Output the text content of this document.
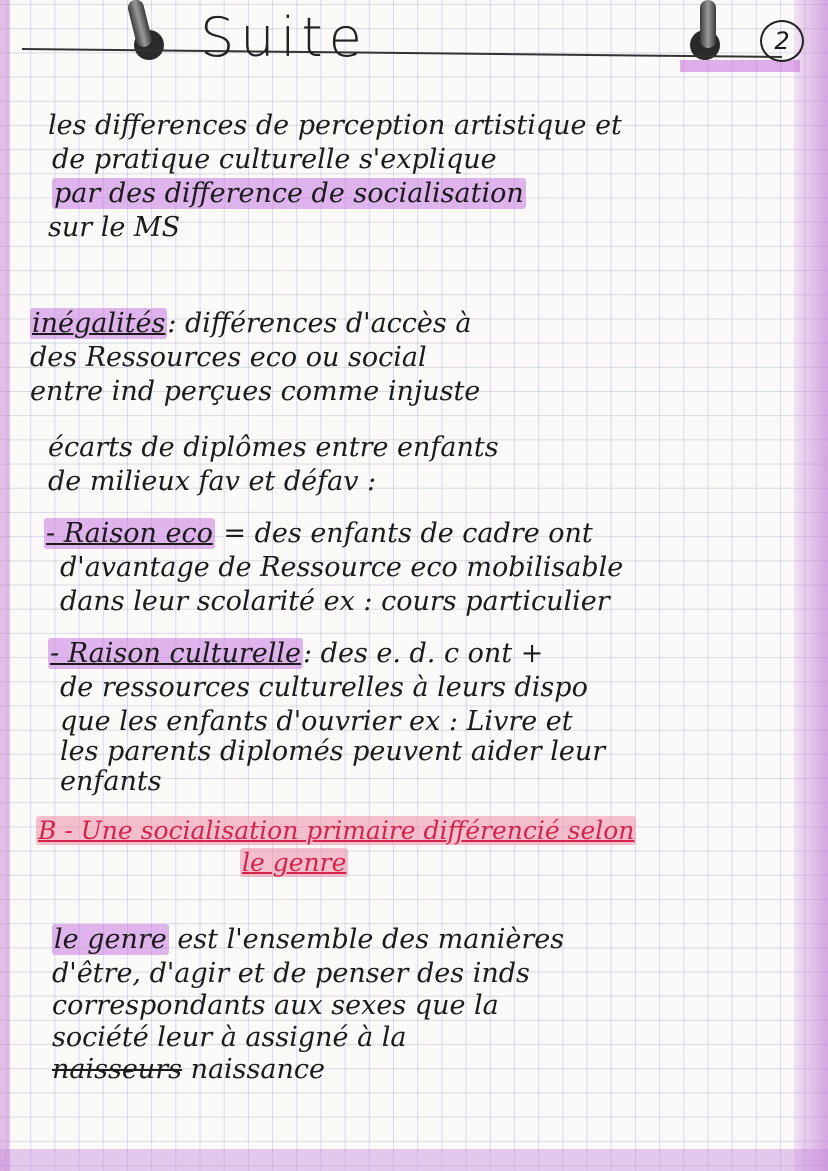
Suite	2
les differences de perception artistique et
de pratique culturelle s'explique
par des difference de socialisation
sur le MS
inégalités: différences d'accès à
des Ressources eco ou social
entre ind perçues comme injuste
écarts de diplômes entre enfants
de milieux fav et défav :
- Raison eco = des enfants de cadre ont
d'avantage de Ressource eco mobilisable
dans leur scolarité ex : cours particulier
- Raison culturelle: des e. d. c ont +
de ressources culturelles à leurs dispo
que les enfants d'ouvrier ex : Livre et
les parents diplomés peuvent aider leur
enfants
B - Une socialisation primaire différencié selon
le genre
le genre est l'ensemble des manières
d'être, d'agir et de penser des inds
correspondants aux sexes que la
société leur à assigné à la
naisseurs naissance
